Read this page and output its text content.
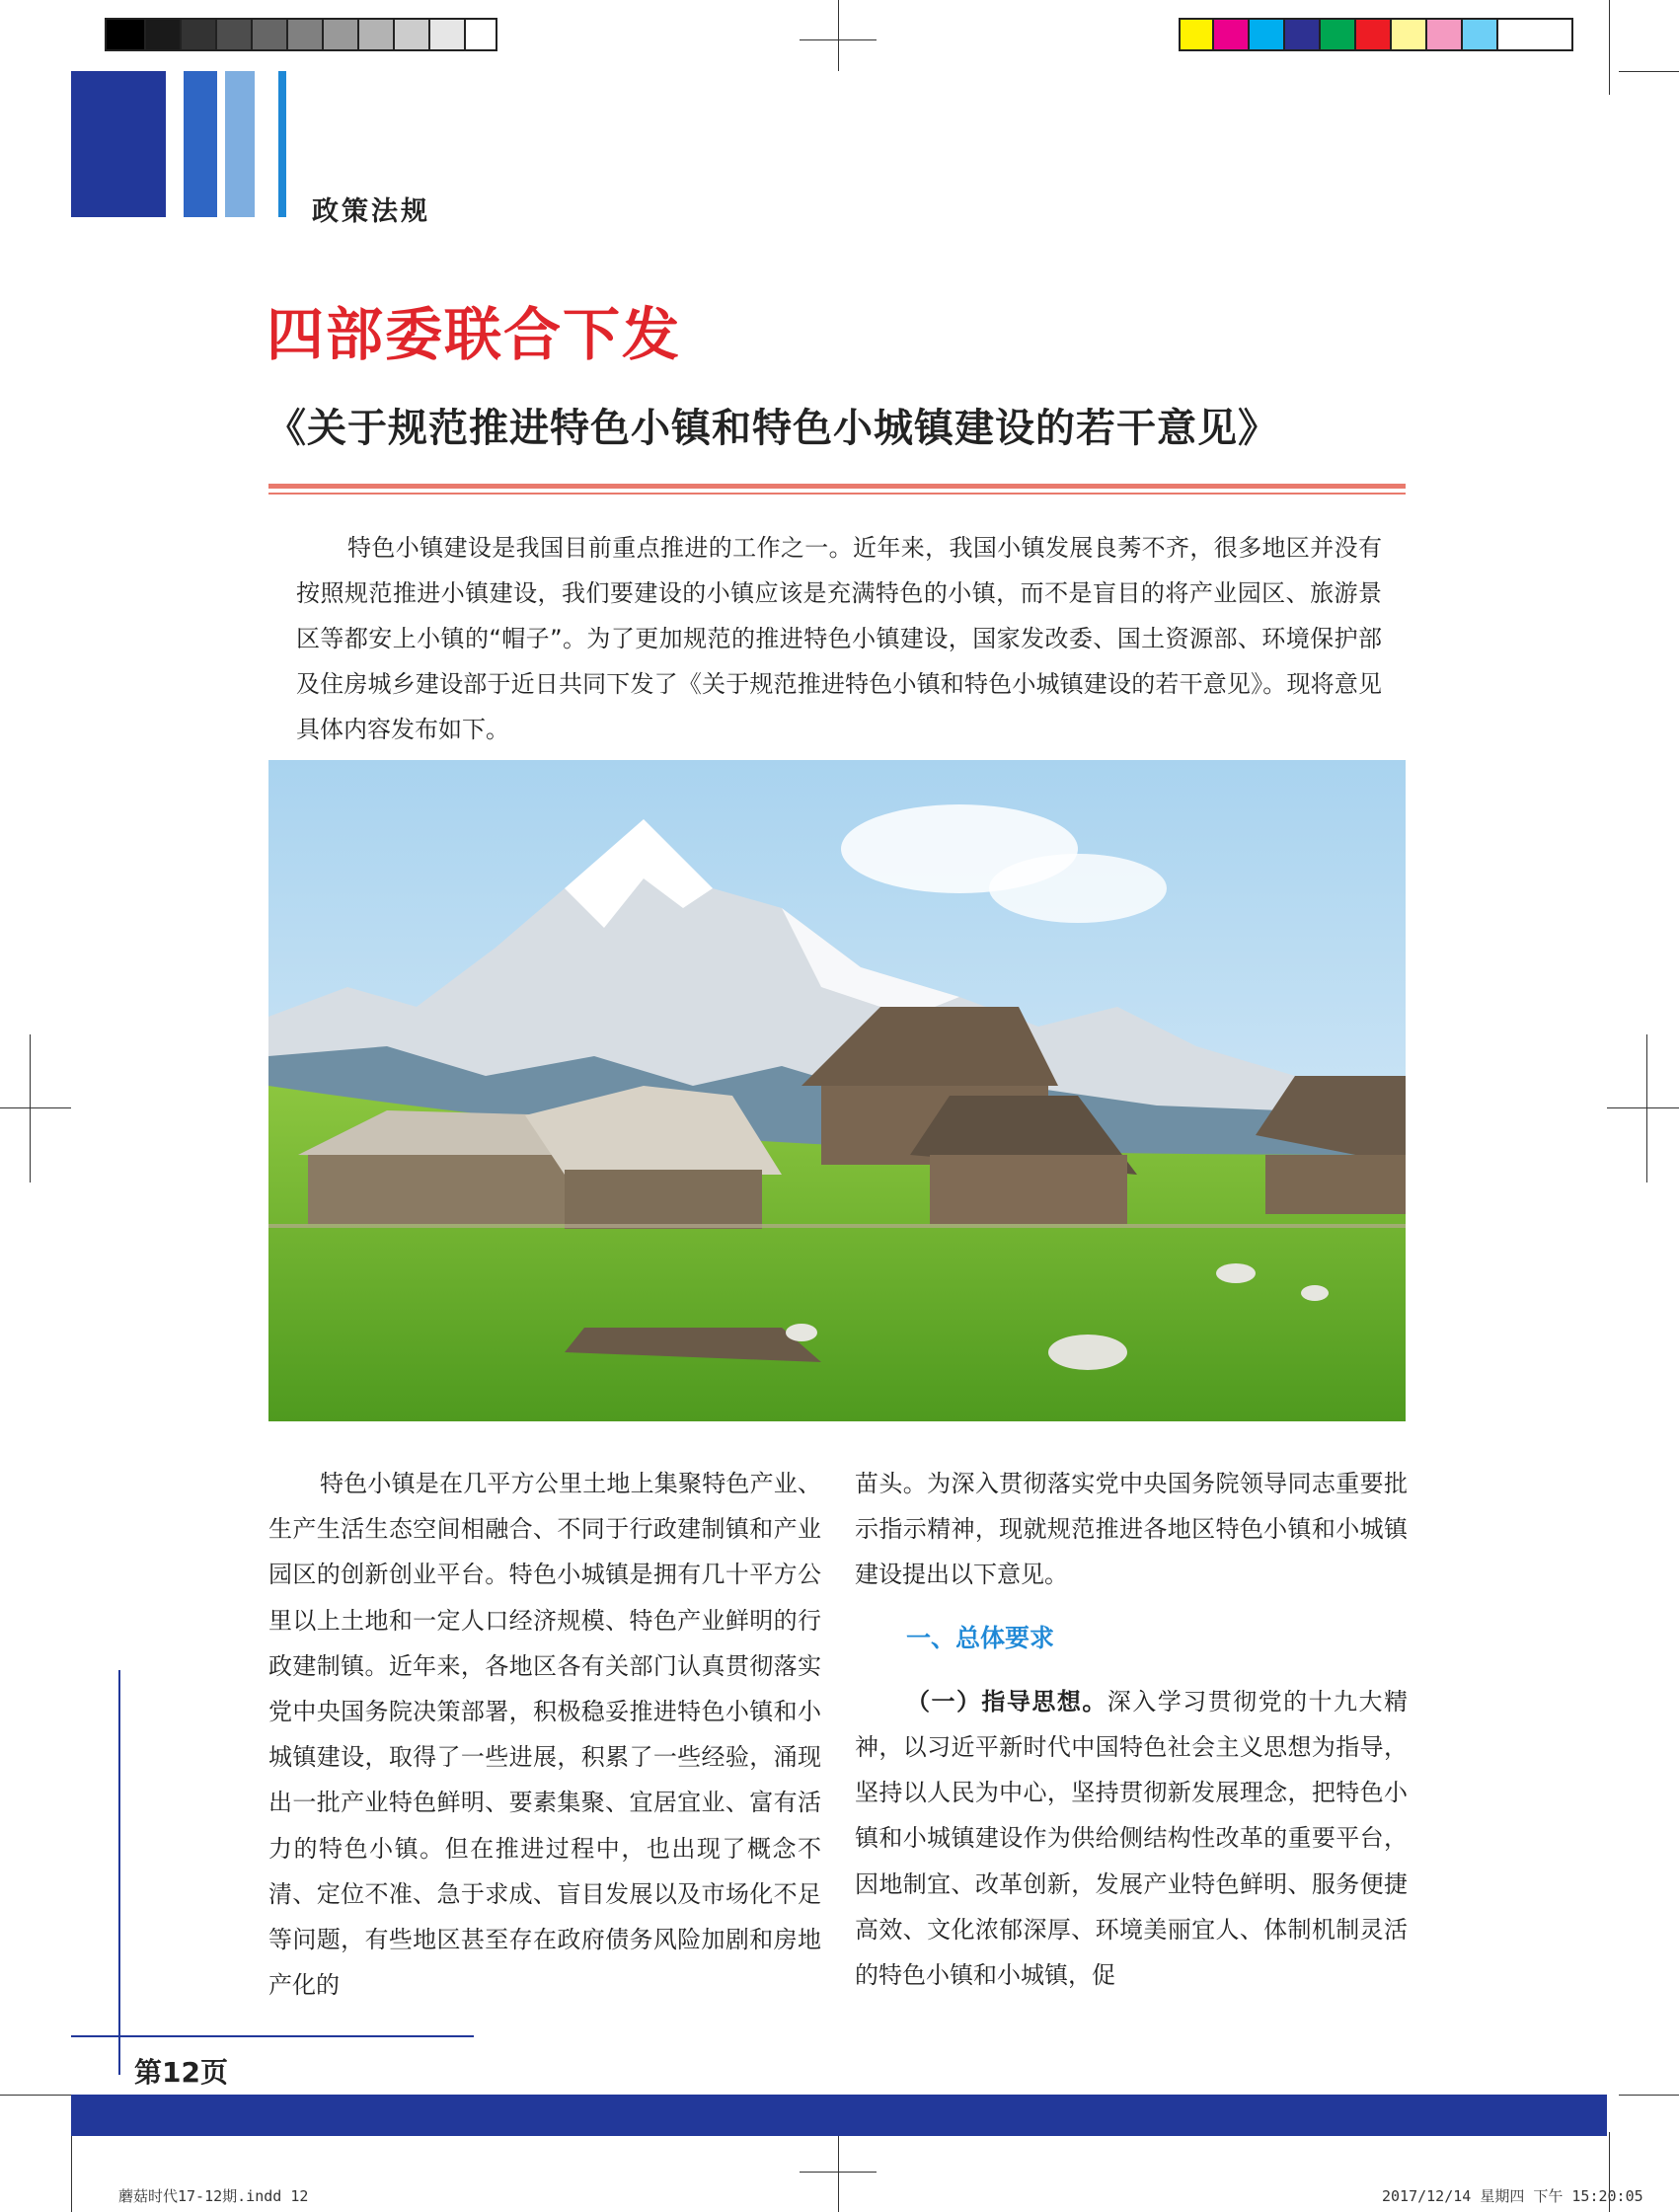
政策法规
四部委联合下发
《关于规范推进特色小镇和特色小城镇建设的若干意见》

特色小镇建设是我国目前重点推进的工作之一。近年来，我国小镇发展良莠不齐，很多地区并没有按照规范推进小镇建设，我们要建设的小镇应该是充满特色的小镇，而不是盲目的将产业园区、旅游景区等都安上小镇的“帽子”。为了更加规范的推进特色小镇建设，国家发改委、国土资源部、环境保护部及住房城乡建设部于近日共同下发了《关于规范推进特色小镇和特色小城镇建设的若干意见》。现将意见具体内容发布如下。

特色小镇是在几平方公里土地上集聚特色产业、生产生活生态空间相融合、不同于行政建制镇和产业园区的创新创业平台。特色小城镇是拥有几十平方公里以上土地和一定人口经济规模、特色产业鲜明的行政建制镇。近年来，各地区各有关部门认真贯彻落实党中央国务院决策部署，积极稳妥推进特色小镇和小城镇建设，取得了一些进展，积累了一些经验，涌现出一批产业特色鲜明、要素集聚、宜居宜业、富有活力的特色小镇。但在推进过程中，也出现了概念不清、定位不准、急于求成、盲目发展以及市场化不足等问题，有些地区甚至存在政府债务风险加剧和房地产化的

苗头。为深入贯彻落实党中央国务院领导同志重要批示指示精神，现就规范推进各地区特色小镇和小城镇建设提出以下意见。

一、总体要求

（一）指导思想。深入学习贯彻党的十九大精神，以习近平新时代中国特色社会主义思想为指导，坚持以人民为中心，坚持贯彻新发展理念，把特色小镇和小城镇建设作为供给侧结构性改革的重要平台，因地制宜、改革创新，发展产业特色鲜明、服务便捷高效、文化浓郁深厚、环境美丽宜人、体制机制灵活的特色小镇和小城镇，促

第12页
蘑菇时代17-12期.indd 12	2017/12/14 星期四 下午 15:20:05
